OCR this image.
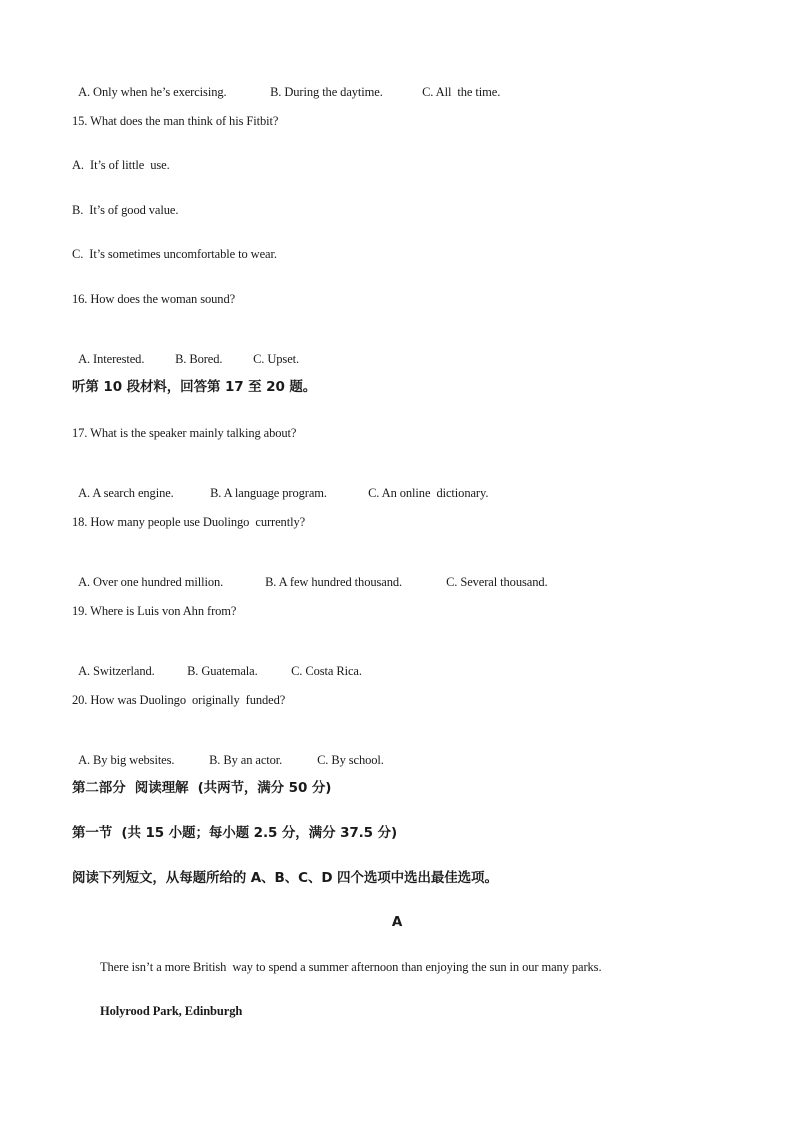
A. Only when he’s exercising.	B. During the daytime.	C. All  the time.

15. What does the man think of his Fitbit?
A.  It’s of little  use.
B.  It’s of good value.
C.  It’s sometimes uncomfortable to wear.
16. How does the woman sound?

A. Interested. B. Bored. C. Upset.

听第 10 段材料，回答第 17 至 20 题。
17. What is the speaker mainly talking about?

A. A search engine.	B. A language program.	C. An online  dictionary.

18. How many people use Duolingo  currently?

A. Over one hundred million.	B. A few hundred thousand.	C. Several thousand.

19. Where is Luis von Ahn from?

A. Switzerland.	B. Guatemala.	C. Costa Rica.

20. How was Duolingo  originally  funded?

A. By big websites.	B. By an actor.	C. By school.

第二部分  阅读理解  (共两节，满分 50 分)
第一节  (共 15 小题；每小题 2.5 分，满分 37.5 分)
阅读下列短文，从每题所给的 A、B、C、D 四个选项中选出最佳选项。
A
There isn’t a more British  way to spend a summer afternoon than enjoying the sun in our many parks.
Holyrood Park, Edinburgh
